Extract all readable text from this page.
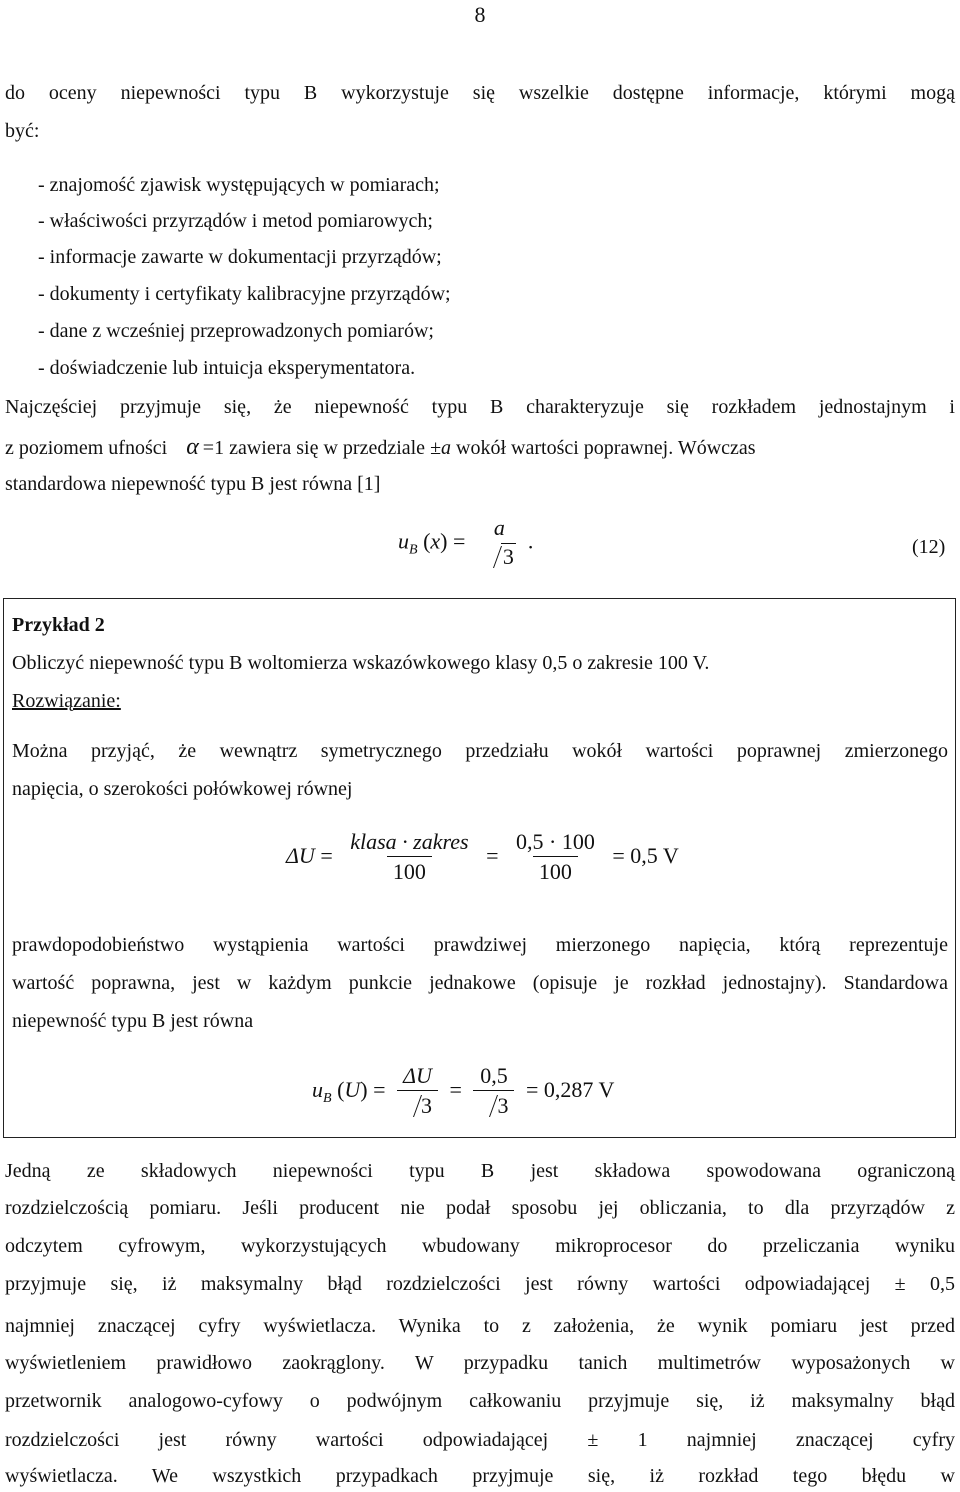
8
do oceny niepewności typu B wykorzystuje się wszelkie dostępne informacje, którymi mogą
być:
- znajomość zjawisk występujących w pomiarach;
- właściwości przyrządów i metod pomiarowych;
- informacje zawarte w dokumentacji przyrządów;
- dokumenty i certyfikaty kalibracyjne przyrządów;
- dane z wcześniej przeprowadzonych pomiarów;
- doświadczenie lub intuicja eksperymentatora.
Najczęściej przyjmuje się, że niepewność typu B charakteryzuje się rozkładem jednostajnym i
z poziomem ufności α =1 zawiera się w przedziale ±a wokół wartości poprawnej. Wówczas
standardowa niepewność typu B jest równa [1]
$u_B$ (x) =
a
3
.	(12)
Przykład 2
Obliczyć niepewność typu B woltomierza wskazówkowego klasy 0,5 o zakresie 100 V.
Rozwiązanie:
Można przyjąć, że wewnątrz symetrycznego przedziału wokół wartości poprawnej zmierzonego
napięcia, o szerokości połówkowej równej
$\Delta U = \frac{\text{klasa · zakres}}{100} = \frac{0,5 \cdot 100}{100} = 0,5$ V
prawdopodobieństwo wystąpienia wartości prawdziwej mierzonego napięcia, którą reprezentuje
wartość poprawna, jest w każdym punkcie jednakowe (opisuje je rozkład jednostajny). Standardowa
niepewność typu B jest równa
$u_B$ $(U) = \frac{\Delta U}{3} = \frac{0,5}{3} = 0,287$ V
Jedną ze składowych niepewności typu B jest składowa spowodowana ograniczoną
rozdzielczością pomiaru. Jeśli producent nie podał sposobu jej obliczania, to dla przyrządów z
odczytem cyfrowym, wykorzystujących wbudowany mikroprocesor do przeliczania wyniku
przyjmuje się, iż maksymalny błąd rozdzielczości jest równy wartości odpowiadającej ± 0,5
najmniej znaczącej cyfry wyświetlacza. Wynika to z założenia, że wynik pomiaru jest przed
wyświetleniem prawidłowo zaokrąglony. W przypadku tanich multimetrów wyposażonych w
przetwornik analogowo-cyfowy o podwójnym całkowaniu przyjmuje się, iż maksymalny błąd
rozdzielczości jest równy wartości odpowiadającej ± 1 najmniej znaczącej cyfry
wyświetlacza. We wszystkich przypadkach przyjmuje się, iż rozkład tego błędu w
